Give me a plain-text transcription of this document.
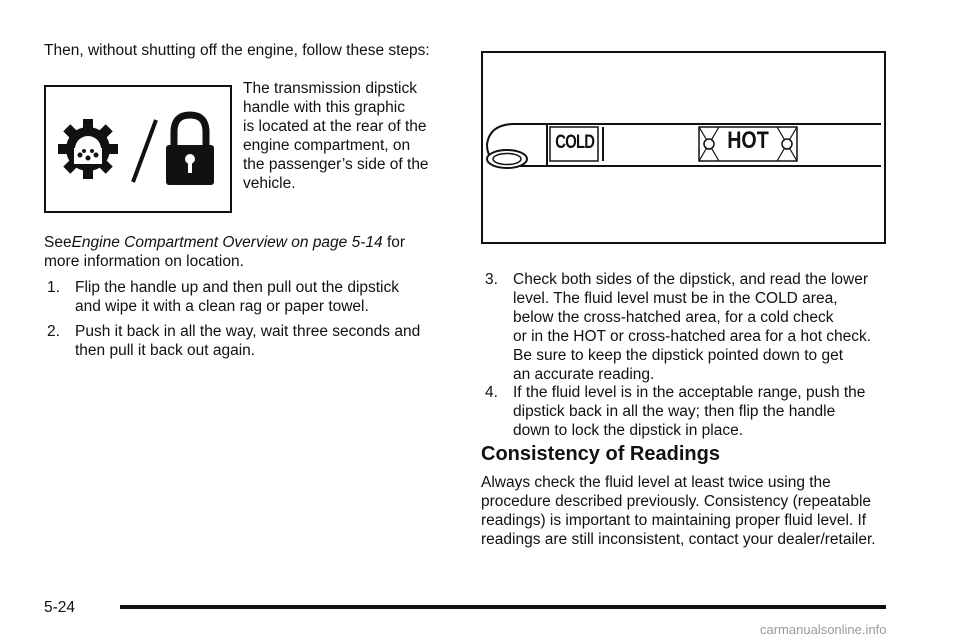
Then, without shutting off the engine, follow these steps:
The transmission dipstick
handle with this graphic
is located at the rear of the
engine compartment, on
the passenger’s side of the
vehicle.
SeeEngine Compartment Overview on page 5-14 for
more information on location.
1. Flip the handle up and then pull out the dipstick
and wipe it with a clean rag or paper towel.
2. Push it back in all the way, wait three seconds and
then pull it back out again.
COLD	HOT
3. Check both sides of the dipstick, and read the lower
level. The fluid level must be in the COLD area,
below the cross-hatched area, for a cold check
or in the HOT or cross-hatched area for a hot check.
Be sure to keep the dipstick pointed down to get
an accurate reading.
4. If the fluid level is in the acceptable range, push the
dipstick back in all the way; then flip the handle
down to lock the dipstick in place.
Consistency of Readings
Always check the fluid level at least twice using the
procedure described previously. Consistency (repeatable
readings) is important to maintaining proper fluid level. If
readings are still inconsistent, contact your dealer/retailer.
5-24
carmanualsonline.info
